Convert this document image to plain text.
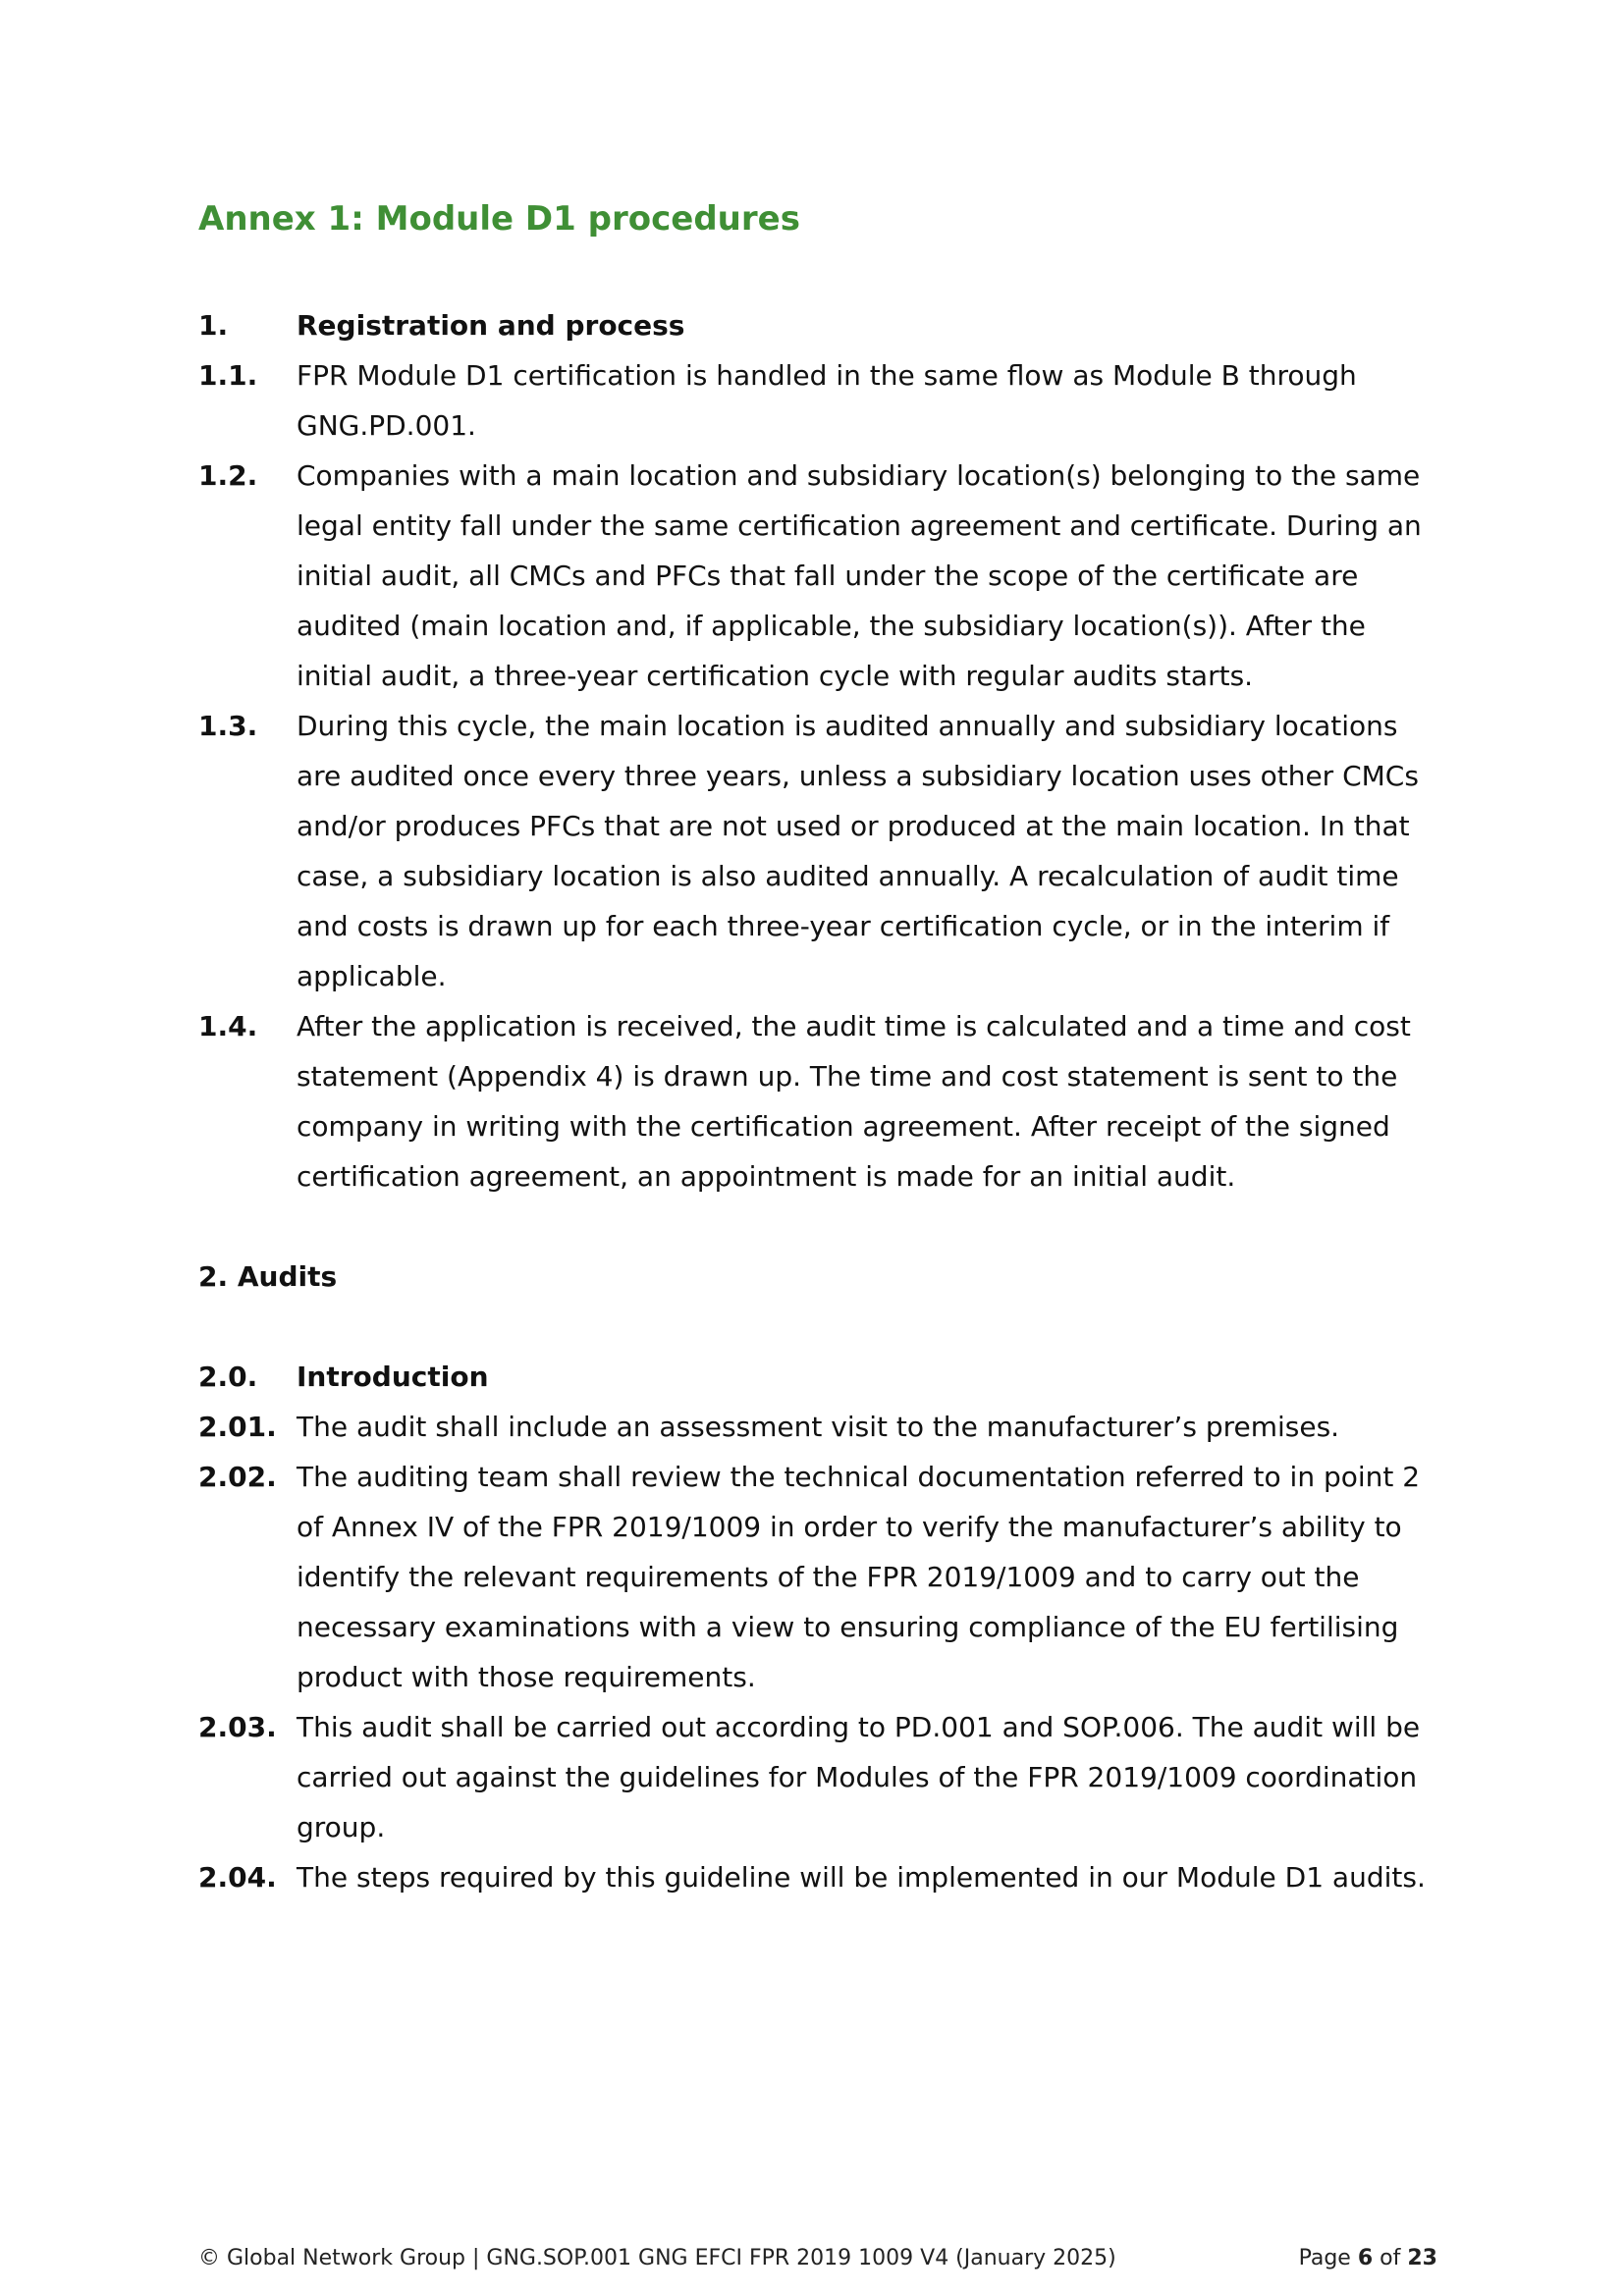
Annex 1: Module D1 procedures
1. Registration and process
1.1. FPR Module D1 certification is handled in the same flow as Module B through GNG.PD.001.
1.2. Companies with a main location and subsidiary location(s) belonging to the same legal entity fall under the same certification agreement and certificate. During an initial audit, all CMCs and PFCs that fall under the scope of the certificate are audited (main location and, if applicable, the subsidiary location(s)). After the initial audit, a three-year certification cycle with regular audits starts.
1.3. During this cycle, the main location is audited annually and subsidiary locations are audited once every three years, unless a subsidiary location uses other CMCs and/or produces PFCs that are not used or produced at the main location. In that case, a subsidiary location is also audited annually. A recalculation of audit time and costs is drawn up for each three-year certification cycle, or in the interim if applicable.
1.4. After the application is received, the audit time is calculated and a time and cost statement (Appendix 4) is drawn up. The time and cost statement is sent to the company in writing with the certification agreement. After receipt of the signed certification agreement, an appointment is made for an initial audit.
2. Audits
2.0. Introduction
2.01. The audit shall include an assessment visit to the manufacturer’s premises.
2.02. The auditing team shall review the technical documentation referred to in point 2 of Annex IV of the FPR 2019/1009 in order to verify the manufacturer’s ability to identify the relevant requirements of the FPR 2019/1009 and to carry out the necessary examinations with a view to ensuring compliance of the EU fertilising product with those requirements.
2.03. This audit shall be carried out according to PD.001 and SOP.006. The audit will be carried out against the guidelines for Modules of the FPR 2019/1009 coordination group.
2.04. The steps required by this guideline will be implemented in our Module D1 audits.
© Global Network Group | GNG.SOP.001 GNG EFCI FPR 2019 1009 V4 (January 2025)	Page 6 of 23
